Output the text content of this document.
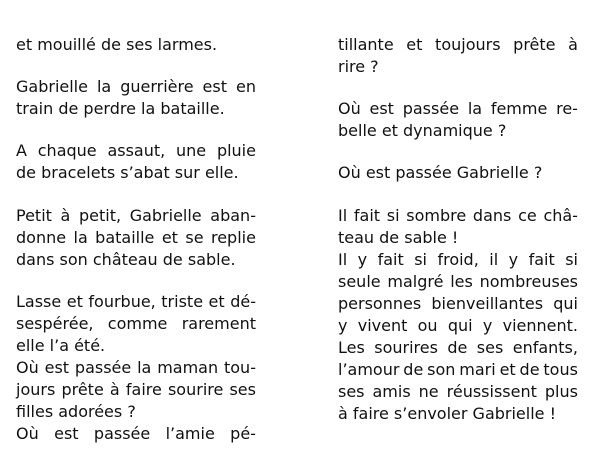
et mouillé de ses larmes.
Gabrielle la guerrière est en
train de perdre la bataille.
A chaque assaut, une pluie
de bracelets s’abat sur elle.
Petit à petit, Gabrielle aban-
donne la bataille et se replie
dans son château de sable.
Lasse et fourbue, triste et dé-
sespérée, comme rarement
elle l’a été.
Où est passée la maman tou-
jours prête à faire sourire ses
filles adorées ?
Où est passée l’amie pé-
tillante et toujours prête à
rire ?
Où est passée la femme re-
belle et dynamique ?
Où est passée Gabrielle ?
Il fait si sombre dans ce châ-
teau de sable !
Il y fait si froid, il y fait si
seule malgré les nombreuses
personnes bienveillantes qui
y vivent ou qui y viennent.
Les sourires de ses enfants,
l’amour de son mari et de tous
ses amis ne réussissent plus
à faire s’envoler Gabrielle !
